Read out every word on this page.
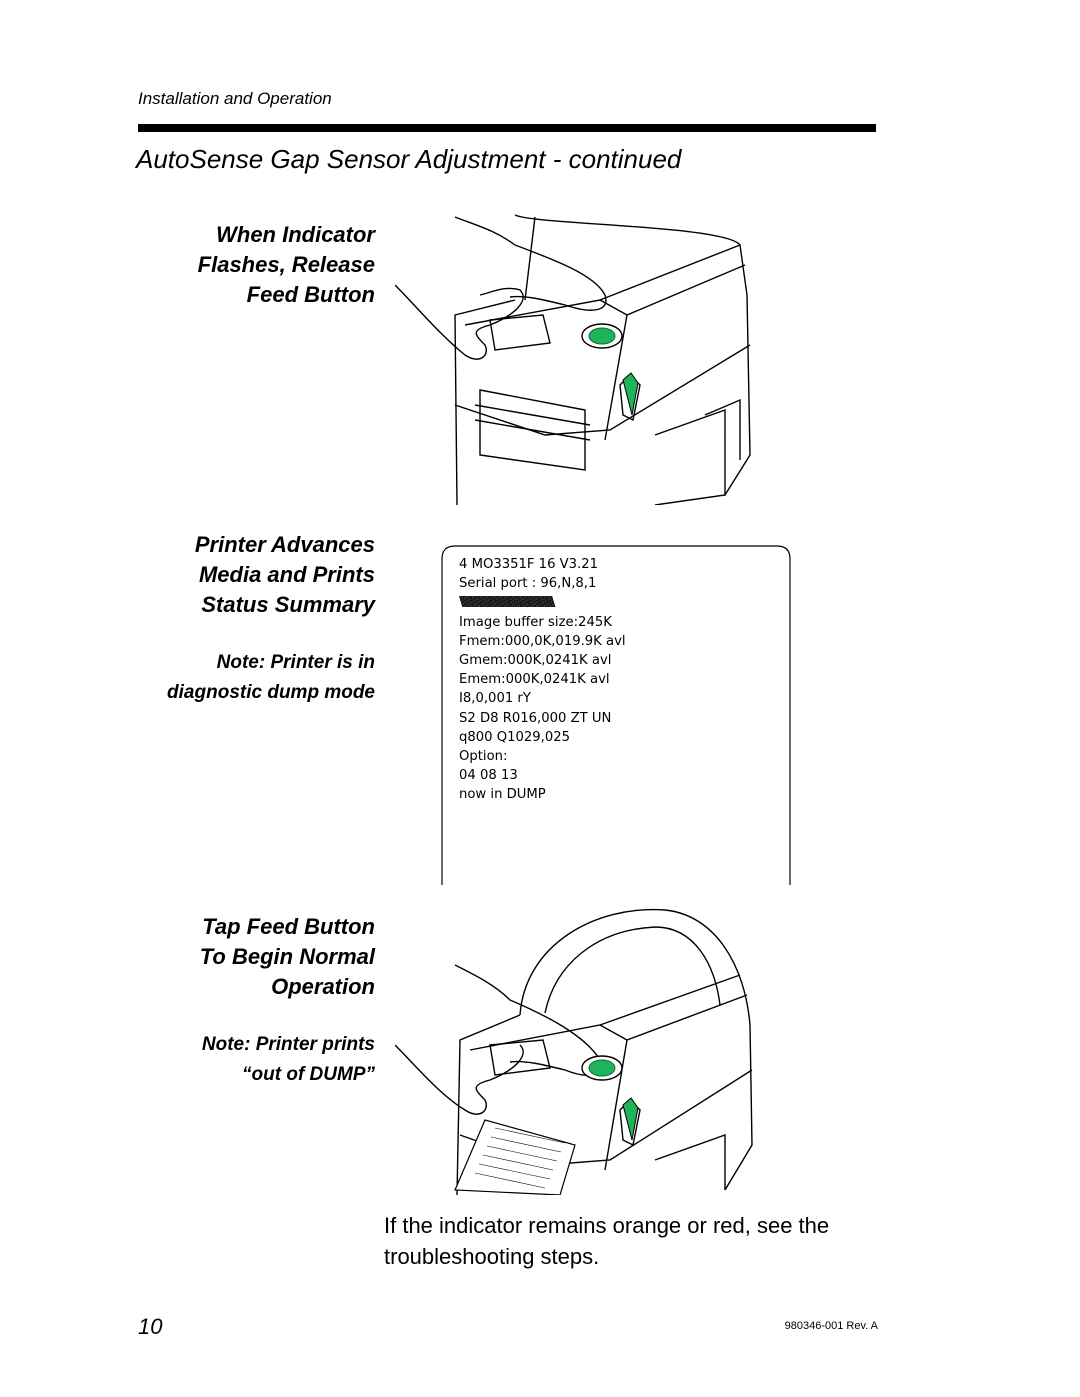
Installation and Operation
AutoSense Gap Sensor Adjustment - continued
When Indicator
Flashes, Release
Feed Button
Printer Advances
Media and Prints
Status Summary
Note: Printer is in
diagnostic dump mode
4 MO3351F 16 V3.21
Serial port : 96,N,8,1
\\\\\\\\\\\\\\\\\\\\\\\\\\\\\\\\\\\\\\\\\\\\\\\\\\\\\\\\\\\\\\\\\\\\\\\\\\\\\\\
Image buffer size:245K
Fmem:000,0K,019.9K avl
Gmem:000K,0241K avl
Emem:000K,0241K avl
I8,0,001 rY
S2 D8 R016,000 ZT UN
q800 Q1029,025
Option:
04 08 13
now in DUMP
Tap Feed Button
To Begin Normal
Operation
Note: Printer prints
“out of DUMP”
If the indicator remains orange or red, see the troubleshooting steps.
10	980346-001 Rev. A
